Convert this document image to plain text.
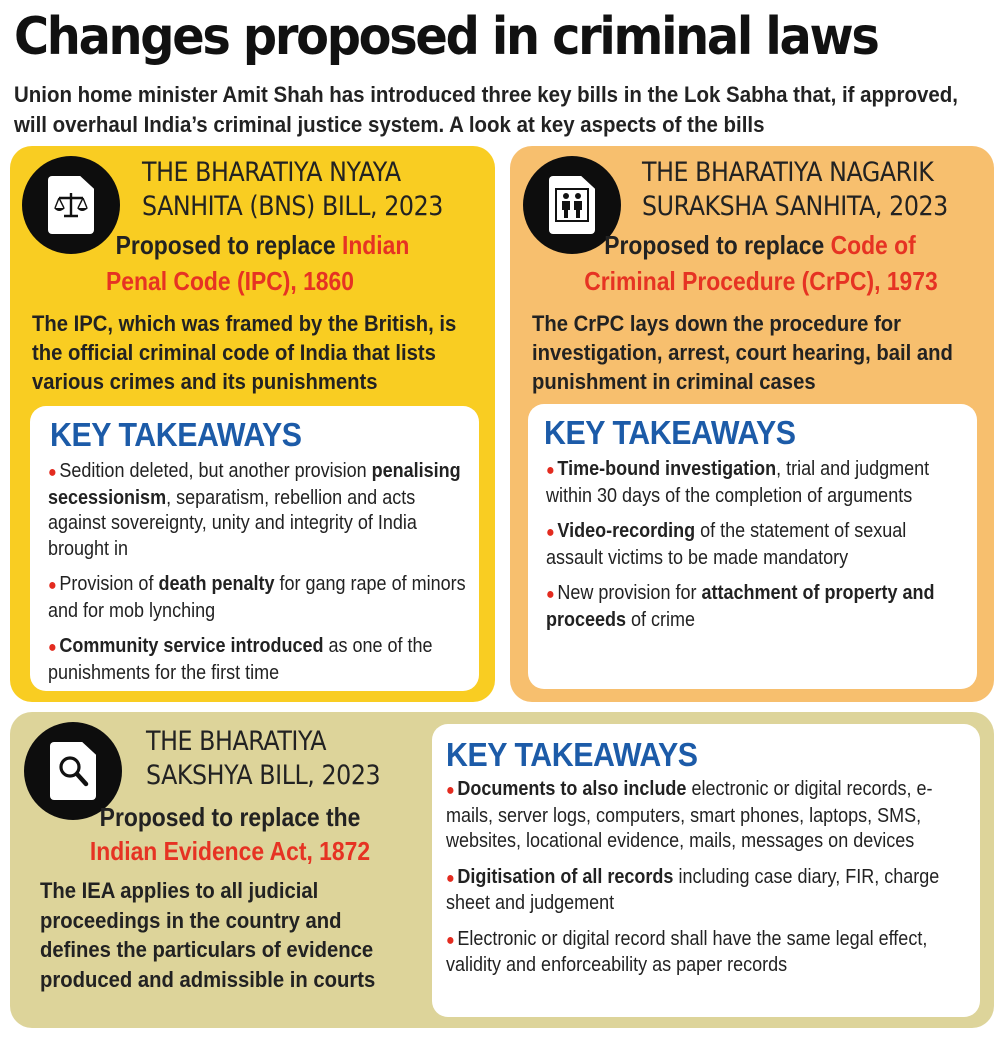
Changes proposed in criminal laws

Union home minister Amit Shah has introduced three key bills in the Lok Sabha that, if approved, will overhaul India’s criminal justice system. A look at key aspects of the bills

THE BHARATIYA NYAYA
SANHITA (BNS) BILL, 2023
Proposed to replace Indian
Penal Code (IPC), 1860

The IPC, which was framed by the British, is the official criminal code of India that lists various crimes and its punishments

KEY TAKEAWAYS
● Sedition deleted, but another provision penalising secessionism, separatism, rebellion and acts against sovereignty, unity and integrity of India brought in
● Provision of death penalty for gang rape of minors and for mob lynching
● Community service introduced as one of the punishments for the first time
THE BHARATIYA NAGARIK
SURAKSHA SANHITA, 2023
Proposed to replace Code of
Criminal Procedure (CrPC), 1973

The CrPC lays down the procedure for investigation, arrest, court hearing, bail and punishment in criminal cases

KEY TAKEAWAYS
● Time-bound investigation, trial and judgment within 30 days of the completion of arguments
● Video-recording of the statement of sexual assault victims to be made mandatory
● New provision for attachment of property and proceeds of crime
THE BHARATIYA
SAKSHYA BILL, 2023
Proposed to replace the
Indian Evidence Act, 1872

The IEA applies to all judicial proceedings in the country and defines the particulars of evidence produced and admissible in courts

KEY TAKEAWAYS
● Documents to also include electronic or digital records, e-mails, server logs, computers, smart phones, laptops, SMS, websites, locational evidence, mails, messages on devices
● Digitisation of all records including case diary, FIR, charge sheet and judgement
● Electronic or digital record shall have the same legal effect, validity and enforceability as paper records
